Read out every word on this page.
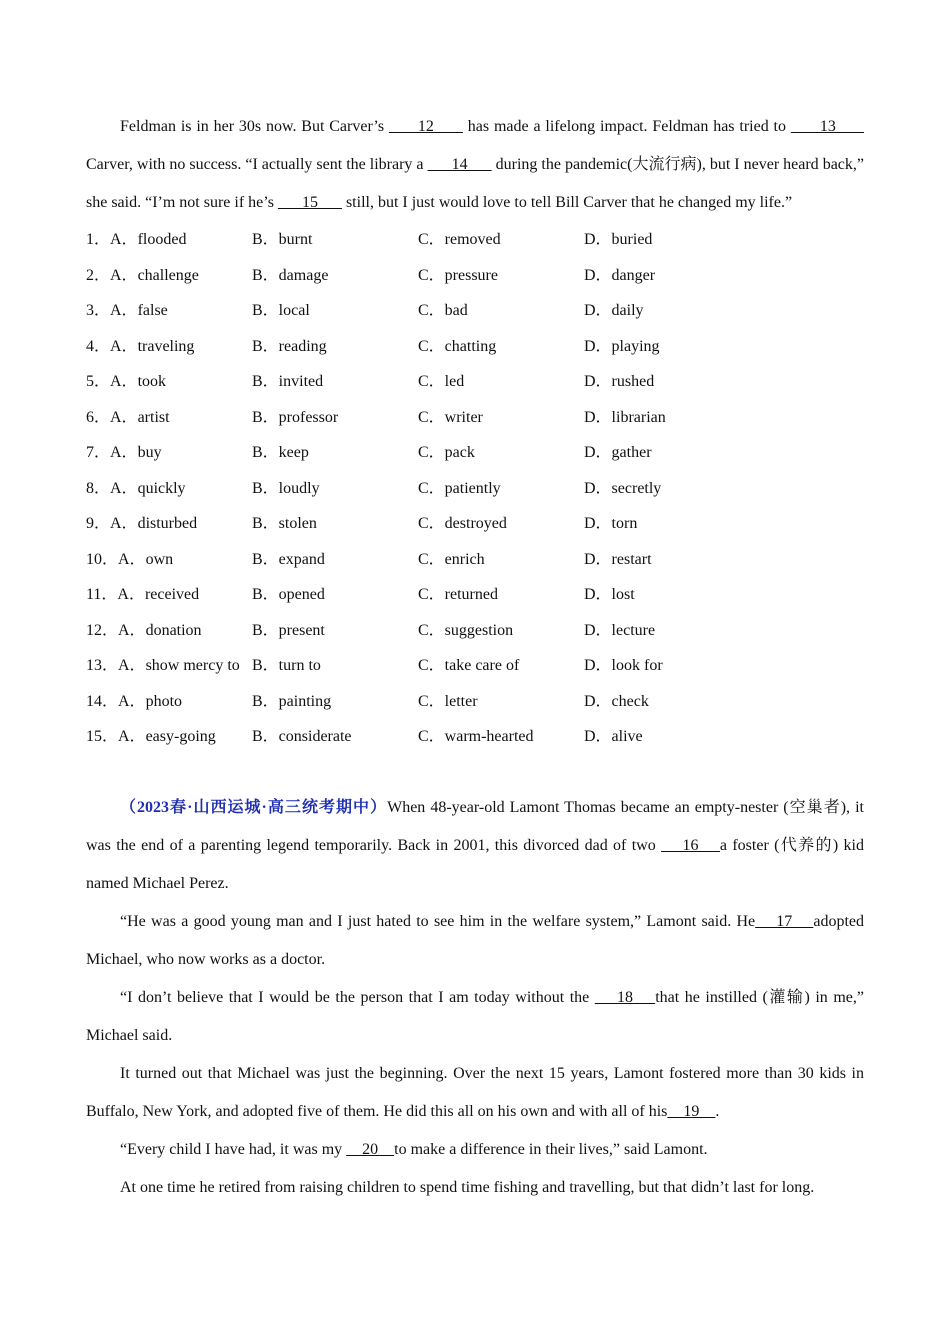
Feldman is in her 30s now. But Carver’s       12       has made a lifelong impact. Feldman has tried to       13       Carver, with no success. “I actually sent the library a       14       during the pandemic(大流行病), but I never heard back,” she said. “I’m not sure if he’s       15       still, but I just would love to tell Bill Carver that he changed my life.”

1．A．flooded	B．burnt	C．removed	D．buried
2．A．challenge	B．damage	C．pressure	D．danger
3．A．false	B．local	C．bad	D．daily
4．A．traveling	B．reading	C．chatting	D．playing
5．A．took	B．invited	C．led	D．rushed
6．A．artist	B．professor	C．writer	D．librarian
7．A．buy	B．keep	C．pack	D．gather
8．A．quickly	B．loudly	C．patiently	D．secretly
9．A．disturbed	B．stolen	C．destroyed	D．torn
10．A．own	B．expand	C．enrich	D．restart
11．A．received	B．opened	C．returned	D．lost
12．A．donation	B．present	C．suggestion	D．lecture
13．A．show mercy to	B．turn to	C．take care of	D．look for
14．A．photo	B．painting	C．letter	D．check
15．A．easy-going	B．considerate	C．warm-hearted	D．alive

（2023春·山西运城·高三统考期中）When 48-year-old Lamont Thomas became an empty-nester (空巢者), it was the end of a parenting legend temporarily. Back in 2001, this divorced dad of two     16    a foster (代养的) kid named Michael Perez.

“He was a good young man and I just hated to see him in the welfare system,” Lamont said. He    17    adopted Michael, who now works as a doctor.

“I don’t believe that I would be the person that I am today without the     18    that he instilled (灌输) in me,” Michael said.

It turned out that Michael was just the beginning. Over the next 15 years, Lamont fostered more than 30 kids in Buffalo, New York, and adopted five of them. He did this all on his own and with all of his    19    .

“Every child I have had, it was my     20    to make a difference in their lives,” said Lamont.

At one time he retired from raising children to spend time fishing and travelling, but that didn’t last for long.
